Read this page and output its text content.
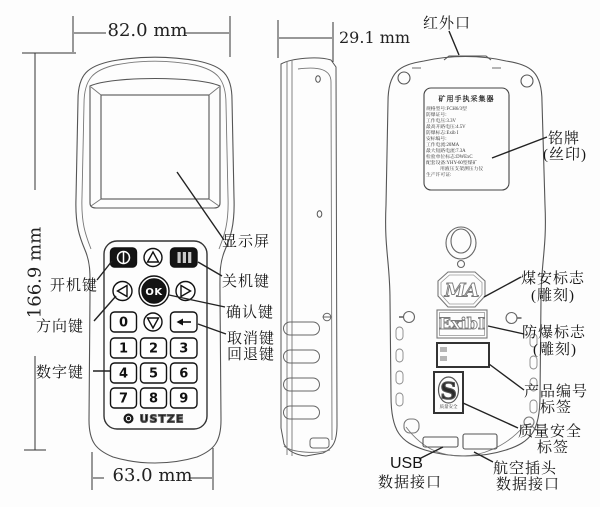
OK
0
1 2 3
4 5 6
7 8 9
USTZE
MA
ExibI
S
82.0 mm
166.9 mm
63.0 mm
29.1 mm
显示屏
开机键	关机键
方向键
确认键
取消键
回退键
数字键
红外口
铭牌
(丝印)
煤安标志
(雕刻)
防爆标志
(雕刻)
产品编号
标签
质量安全
标签
USB
数据接口
航空插头
数据接口
矿用手执采集器
规格型号:FCH6/3型
防爆证号:
工作电压:3.3V
最高开路电压:4.5V
防爆标志:Exib I
安标编号:
工作电流:20MA
最大短路电流:7.3A
检验单位标志:DWExC
配套设备:YHY-60型煤矿
用液压支架测压力仪
生产许可证:
质量安全
